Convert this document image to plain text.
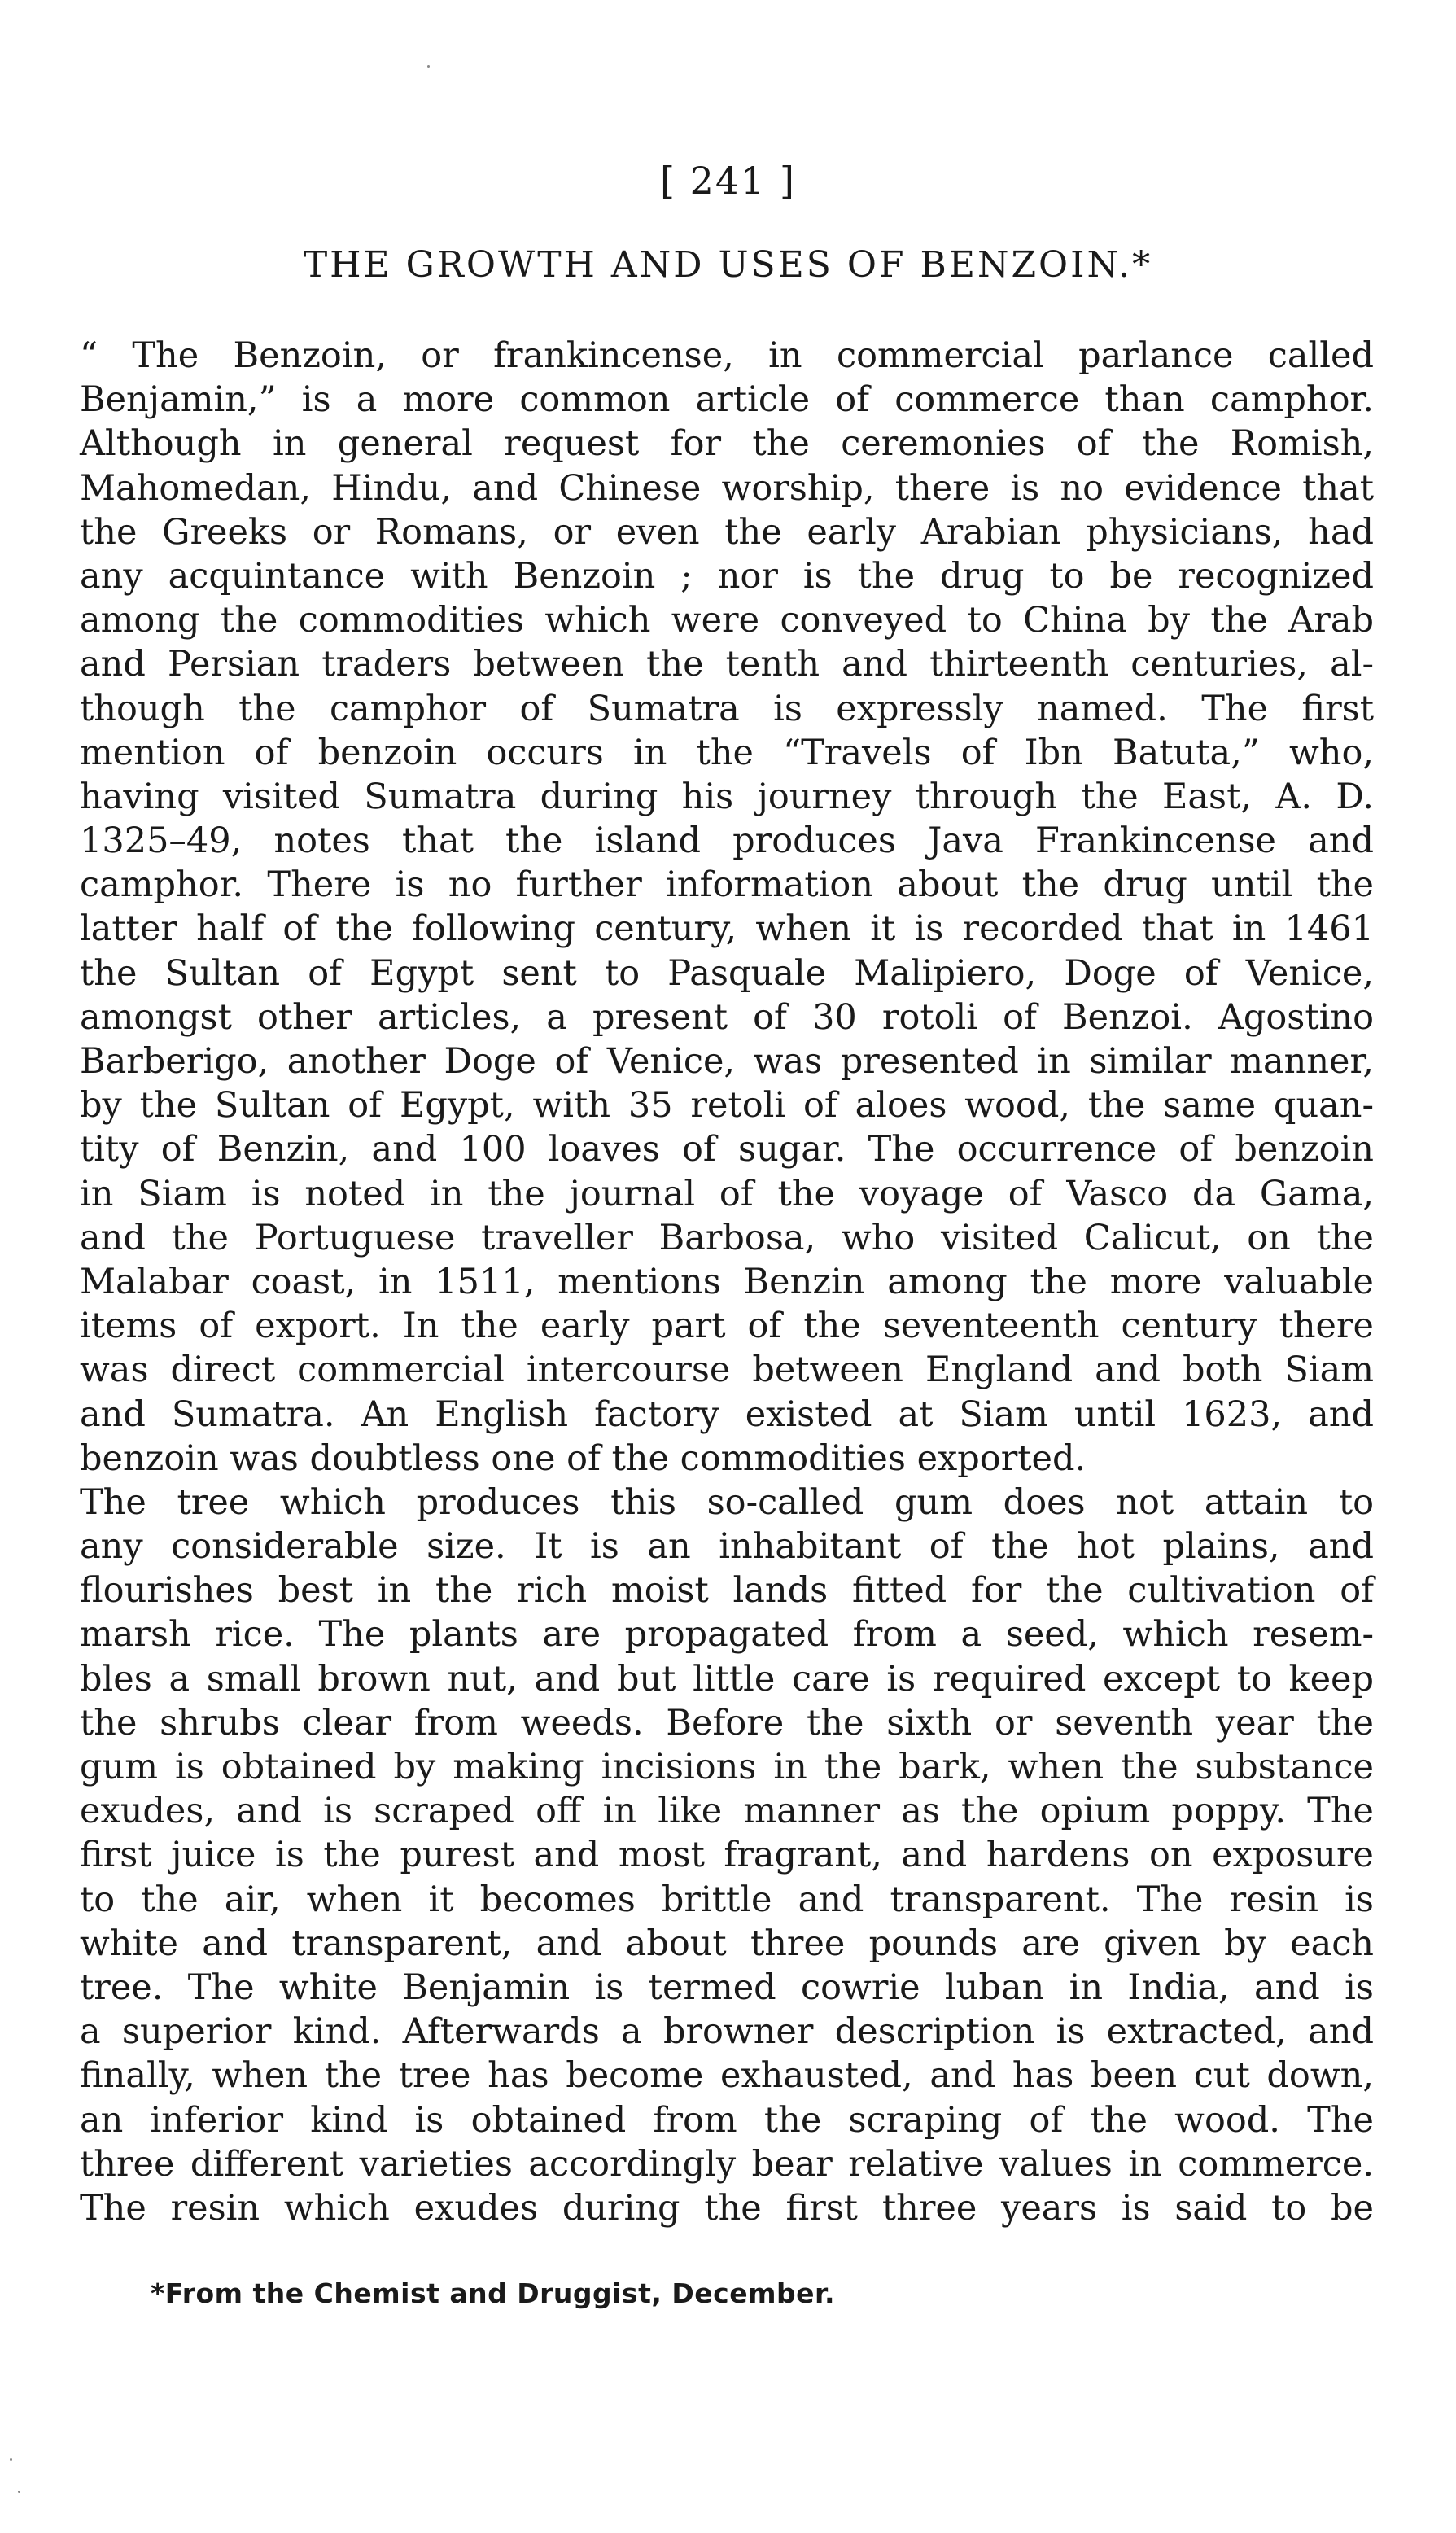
[ 241 ]
THE GROWTH AND USES OF BENZOIN.*
“ The Benzoin, or frankincense, in commercial parlance called
Benjamin,” is a more common article of commerce than camphor.
Although in general request for the ceremonies of the Romish,
Mahomedan, Hindu, and Chinese worship, there is no evidence that
the Greeks or Romans, or even the early Arabian physicians, had
any acquintance with Benzoin ; nor is the drug to be recognized
among the commodities which were conveyed to China by the Arab
and Persian traders between the tenth and thirteenth centuries, al-
though the camphor of Sumatra is expressly named. The first
mention of benzoin occurs in the “Travels of Ibn Batuta,” who,
having visited Sumatra during his journey through the East, A. D.
1325–49, notes that the island produces Java Frankincense and
camphor. There is no further information about the drug until the
latter half of the following century, when it is recorded that in 1461
the Sultan of Egypt sent to Pasquale Malipiero, Doge of Venice,
amongst other articles, a present of 30 rotoli of Benzoi. Agostino
Barberigo, another Doge of Venice, was presented in similar manner,
by the Sultan of Egypt, with 35 retoli of aloes wood, the same quan-
tity of Benzin, and 100 loaves of sugar. The occurrence of benzoin
in Siam is noted in the journal of the voyage of Vasco da Gama,
and the Portuguese traveller Barbosa, who visited Calicut, on the
Malabar coast, in 1511, mentions Benzin among the more valuable
items of export. In the early part of the seventeenth century there
was direct commercial intercourse between England and both Siam
and Sumatra. An English factory existed at Siam until 1623, and
benzoin was doubtless one of the commodities exported.
The tree which produces this so-called gum does not attain to
any considerable size. It is an inhabitant of the hot plains, and
flourishes best in the rich moist lands fitted for the cultivation of
marsh rice. The plants are propagated from a seed, which resem-
bles a small brown nut, and but little care is required except to keep
the shrubs clear from weeds. Before the sixth or seventh year the
gum is obtained by making incisions in the bark, when the substance
exudes, and is scraped off in like manner as the opium poppy. The
first juice is the purest and most fragrant, and hardens on exposure
to the air, when it becomes brittle and transparent. The resin is
white and transparent, and about three pounds are given by each
tree. The white Benjamin is termed cowrie luban in India, and is
a superior kind. Afterwards a browner description is extracted, and
finally, when the tree has become exhausted, and has been cut down,
an inferior kind is obtained from the scraping of the wood. The
three different varieties accordingly bear relative values in commerce.
The resin which exudes during the first three years is said to be
*From the Chemist and Druggist, December.
